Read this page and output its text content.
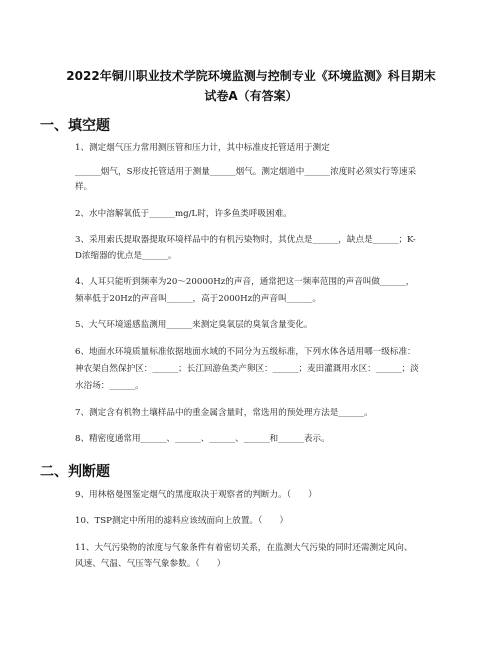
2022年铜川职业技术学院环境监测与控制专业《环境监测》科目期末
试卷A（有答案）
一、填空题
1、测定烟气压力常用测压管和压力计，其中标准皮托管适用于测定
______烟气，S形皮托管适用于测量______烟气。测定烟道中______浓度时必须实行等速采
样。
2、水中溶解氧低于______mg/L时，许多鱼类呼吸困难。
3、采用索氏提取器提取环境样品中的有机污染物时，其优点是______，缺点是______；K-
D浓缩器的优点是______。
4、人耳只能听到频率为20～20000Hz的声音，通常把这一频率范围的声音叫做______，
频率低于20Hz的声音叫______，高于2000Hz的声音叫______。
5、大气环境遥感监测用______来测定臭氧层的臭氧含量变化。
6、地面水环境质量标准依据地面水域的不同分为五级标准，下列水体各适用哪一级标准：
神农架自然保护区：______；长江回游鱼类产卵区：______；麦田灌溉用水区：______；淡
水浴场：______。
7、测定含有机物土壤样品中的重金属含量时，常选用的预处理方法是______。
8、精密度通常用______、______、______、______和______表示。
二、判断题
9、用林格曼图鉴定烟气的黑度取决于观察者的判断力。（　　）
10、TSP测定中所用的滤料应该绒面向上放置。（　　）
11、大气污染物的浓度与气象条件有着密切关系，在监测大气污染的同时还需测定风向、
风速、气温、气压等气象参数。（　　）
